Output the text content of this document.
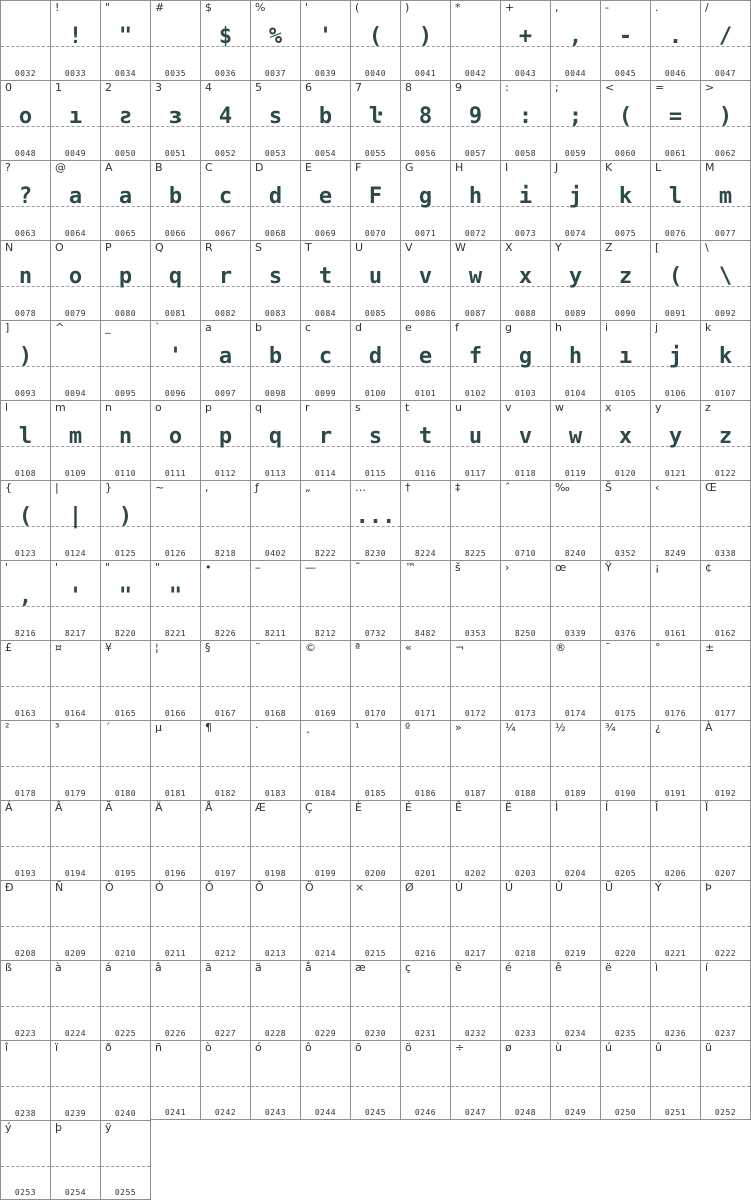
0032
!
!
0033
"
"
0034
#
0035
$
$
0036
%
%
0037
'
'
0039
(
(
0040
)
)
0041
*
0042
+
+
0043
,
,
0044
-
-
0045
.
.
0046
/
/
0047
0
o
0048
1
ı
0049
2
ƨ
0050
3
ɜ
0051
4
4
0052
5
s
0053
6
b
0054
7
ŀ
0055
8
8
0056
9
9
0057
:
:
0058
;
;
0059
<
(
0060
=
=
0061
>
)
0062
?
?
0063
@
a
0064
A
a
0065
B
b
0066
C
c
0067
D
d
0068
E
e
0069
F
F
0070
G
g
0071
H
h
0072
I
i
0073
J
j
0074
K
k
0075
L
l
0076
M
m
0077
N
n
0078
O
o
0079
P
p
0080
Q
q
0081
R
r
0082
S
s
0083
T
t
0084
U
u
0085
V
v
0086
W
w
0087
X
x
0088
Y
y
0089
Z
z
0090
[
(
0091
\
\
0092
]
)
0093
^
0094
_
0095
`
'
0096
a
a
0097
b
b
0098
c
c
0099
d
d
0100
e
e
0101
f
f
0102
g
g
0103
h
h
0104
i
ı
0105
j
j
0106
k
k
0107
l
l
0108
m
m
0109
n
n
0110
o
o
0111
p
p
0112
q
q
0113
r
r
0114
s
s
0115
t
t
0116
u
u
0117
v
v
0118
w
w
0119
x
x
0120
y
y
0121
z
z
0122
{
(
0123
|
|
0124
}
)
0125
~
0126
,
8218
ƒ
0402
„
8222
…
...
8230
†
8224
‡
8225
ˆ
0710
‰
8240
Š
0352
‹
8249
Œ
0338
'
,
8216
'
'
8217
"
"
8220
"
"
8221
•
8226
–
8211
—
8212
˜
0732
™
8482
š
0353
›
8250
œ
0339
Ÿ
0376
¡
0161
¢
0162
£
0163
¤
0164
¥
0165
¦
0166
§
0167
¨
0168
©
0169
ª
0170
«
0171
¬
0172	0173
®
0174
¯
0175
°
0176
±
0177
²
0178
³
0179
´
0180
µ
0181
¶
0182
·
0183
¸
0184
¹
0185
º
0186
»
0187
¼
0188
½
0189
¾
0190
¿
0191
À
0192
Á
0193
Â
0194
Ã
0195
Ä
0196
Å
0197
Æ
0198
Ç
0199
È
0200
É
0201
Ê
0202
Ë
0203
Ì
0204
Í
0205
Î
0206
Ï
0207
Ð
0208
Ñ
0209
Ò
0210
Ó
0211
Ô
0212
Õ
0213
Ö
0214
×
0215
Ø
0216
Ù
0217
Ú
0218
Û
0219
Ü
0220
Ý
0221
Þ
0222
ß
0223
à
0224
á
0225
â
0226
ã
0227
ä
0228
å
0229
æ
0230
ç
0231
è
0232
é
0233
ê
0234
ë
0235
ì
0236
í
0237
î
0238
ï
0239
ð
0240
ñ
0241
ò
0242
ó
0243
ô
0244
õ
0245
ö
0246
÷
0247
ø
0248
ù
0249
ú
0250
û
0251
ü
0252
ý
0253
þ
0254
ÿ
0255
